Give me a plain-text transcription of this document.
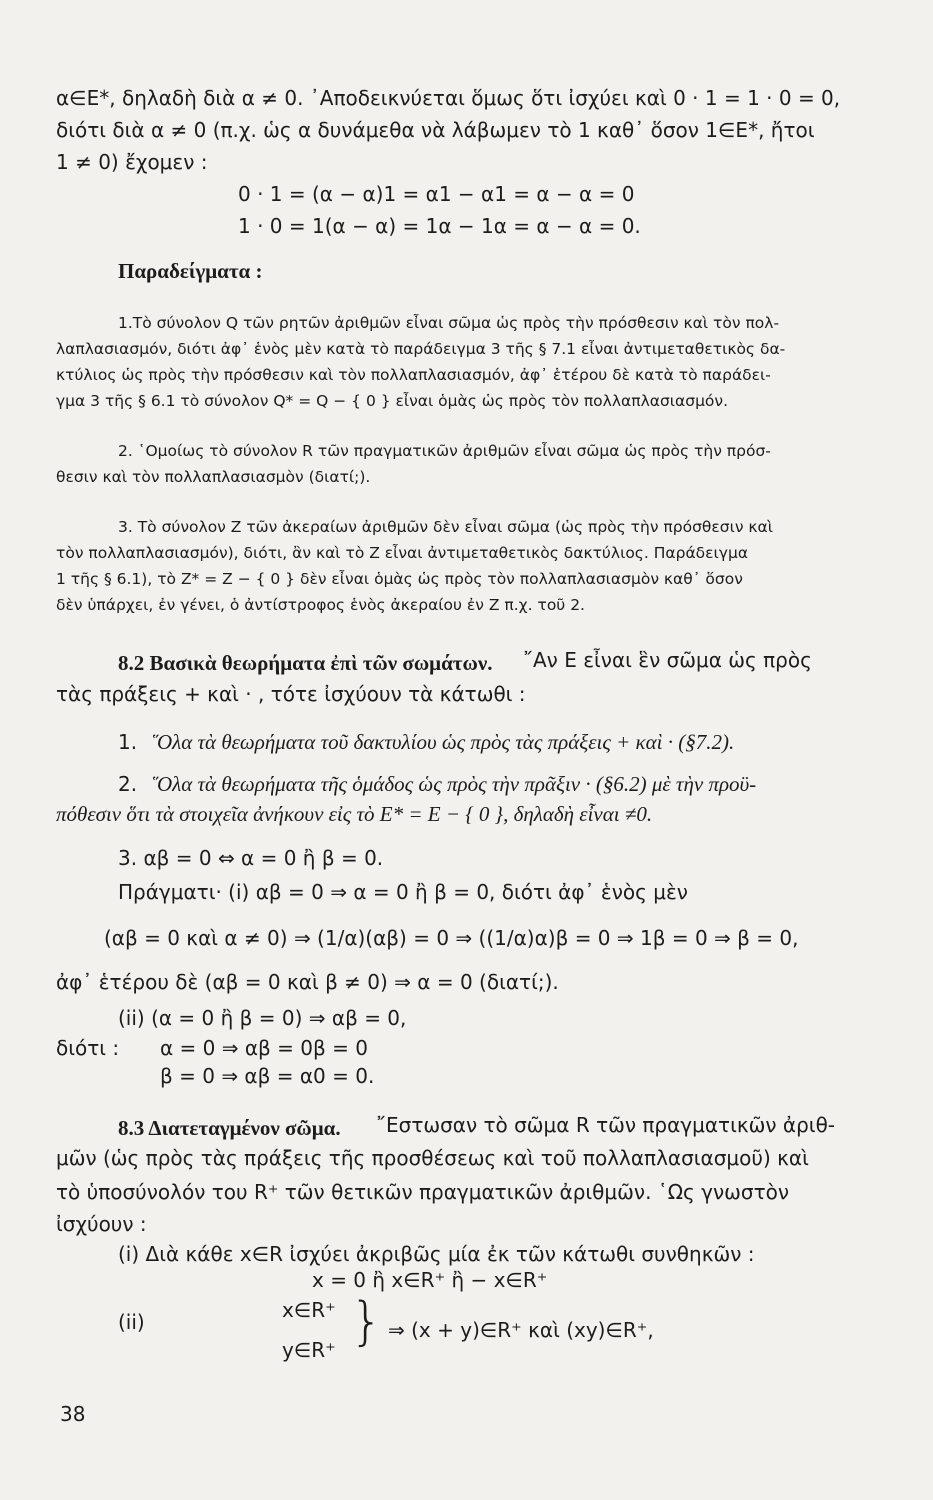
α∈E*, δηλαδὴ διὰ α ≠ 0. ᾽Αποδεικνύεται ὅμως ὅτι ἰσχύει καὶ 0 · 1 = 1 · 0 = 0,
διότι διὰ α ≠ 0 (π.χ. ὡς α δυνάμεθα νὰ λάβωμεν τὸ 1 καθ᾽ ὅσον 1∈E*, ἤτοι
1 ≠ 0) ἔχομεν :
0 · 1 = (α − α)1 = α1 − α1 = α − α = 0
1 · 0 = 1(α − α) = 1α − 1α = α − α = 0.
Παραδείγματα :
1.Τὸ σύνολον Q τῶν ρητῶν ἀριθμῶν εἶναι σῶμα ὡς πρὸς τὴν πρόσθεσιν καὶ τὸν πολ-
λαπλασιασμόν, διότι ἀφ᾽ ἑνὸς μὲν κατὰ τὸ παράδειγμα 3 τῆς § 7.1 εἶναι ἀντιμεταθετικὸς δα-
κτύλιος ὡς πρὸς τὴν πρόσθεσιν καὶ τὸν πολλαπλασιασμόν, ἀφ᾽ ἑτέρου δὲ κατὰ τὸ παράδει-
γμα 3 τῆς § 6.1 τὸ σύνολον Q* = Q − { 0 } εἶναι ὁμὰς ὡς πρὸς τὸν πολλαπλασιασμόν.
2. ῾Ομοίως τὸ σύνολον R τῶν πραγματικῶν ἀριθμῶν εἶναι σῶμα ὡς πρὸς τὴν πρόσ-
θεσιν καὶ τὸν πολλαπλασιασμὸν (διατί;).
3. Τὸ σύνολον Z τῶν ἀκεραίων ἀριθμῶν δὲν εἶναι σῶμα (ὡς πρὸς τὴν πρόσθεσιν καὶ
τὸν πολλαπλασιασμόν), διότι, ἂν καὶ τὸ Z εἶναι ἀντιμεταθετικὸς δακτύλιος. Παράδειγμα
1 τῆς § 6.1), τὸ Z* = Z − { 0 } δὲν εἶναι ὁμὰς ὡς πρὸς τὸν πολλαπλασιασμὸν καθ᾽ ὅσον
δὲν ὑπάρχει, ἐν γένει, ὁ ἀντίστροφος ἑνὸς ἀκεραίου ἐν Z π.χ. τοῦ 2.
8.2 Βασικὰ θεωρήματα ἐπὶ τῶν σωμάτων. ῎Αν E εἶναι ἓν σῶμα ὡς πρὸς
τὰς πράξεις + καὶ · , τότε ἰσχύουν τὰ κάτωθι :
1. ῞Ολα τὰ θεωρήματα τοῦ δακτυλίου ὡς πρὸς τὰς πράξεις + καὶ · (§7.2).
2. ῞Ολα τὰ θεωρήματα τῆς ὁμάδος ὡς πρὸς τὴν πρᾶξιν · (§6.2) μὲ τὴν προϋ-
πόθεσιν ὅτι τὰ στοιχεῖα ἀνήκουν εἰς τὸ E* = E − { 0 }, δηλαδὴ εἶναι ≠0.
3. αβ = 0 ⇔ α = 0 ἢ β = 0.
Πράγματι· (i) αβ = 0 ⇒ α = 0 ἢ β = 0, διότι ἀφ᾽ ἑνὸς μὲν
(αβ = 0 καὶ α ≠ 0) ⇒ (1/α)(αβ) = 0 ⇒ ((1/α)α)β = 0 ⇒ 1β = 0 ⇒ β = 0,
ἀφ᾽ ἑτέρου δὲ (αβ = 0 καὶ β ≠ 0) ⇒ α = 0 (διατί;).
(ii) (α = 0 ἢ β = 0) ⇒ αβ = 0,
διότι : α = 0 ⇒ αβ = 0β = 0
β = 0 ⇒ αβ = α0 = 0.
8.3 Διατεταγμένον σῶμα. ῎Εστωσαν τὸ σῶμα R τῶν πραγματικῶν ἀριθ-
μῶν (ὡς πρὸς τὰς πράξεις τῆς προσθέσεως καὶ τοῦ πολλαπλασιασμοῦ) καὶ
τὸ ὑποσύνολόν του R⁺ τῶν θετικῶν πραγματικῶν ἀριθμῶν. ῾Ως γνωστὸν
ἰσχύουν :
(i) Διὰ κάθε x∈R ἰσχύει ἀκριβῶς μία ἐκ τῶν κάτωθι συνθηκῶν :
x = 0 ἢ x∈R⁺ ἢ − x∈R⁺
(ii)	x∈R⁺
y∈R⁺ } ⇒ (x + y)∈R⁺ καὶ (xy)∈R⁺,
38
